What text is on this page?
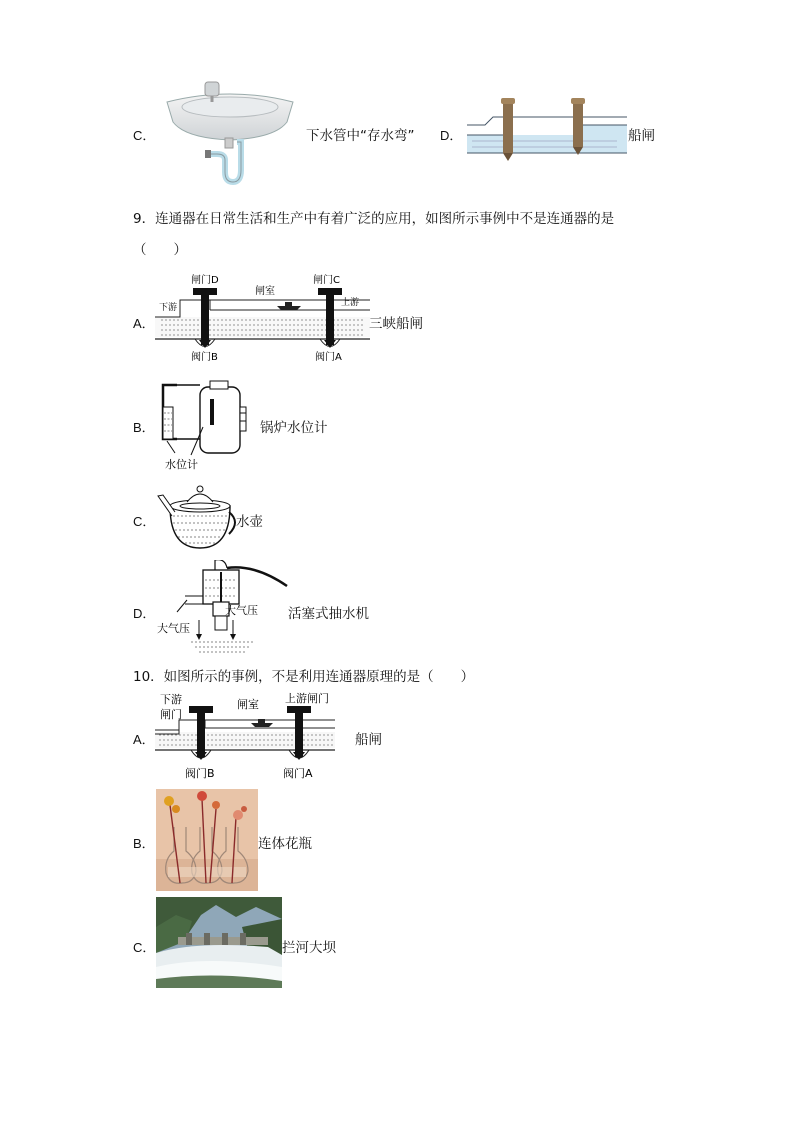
C．	下水管中“存水弯” D．	船闸
9．连通器在日常生活和生产中有着广泛的应用，如图所示事例中不是连通器的是
（　　）
A．
闸门D
闸室
闸门C
下游	上游
阀门B	阀门A
三峡船闸
B．
水位计
锅炉水位计
C．	水壶
D．
大气压
大气压 活塞式抽水机
10．如图所示的事例，不是利用连通器原理的是（　　）
A．
下游
闸门
闸室 上游闸门
阀门B	阀门A
船闸
B．	连体花瓶
C．	拦河大坝
